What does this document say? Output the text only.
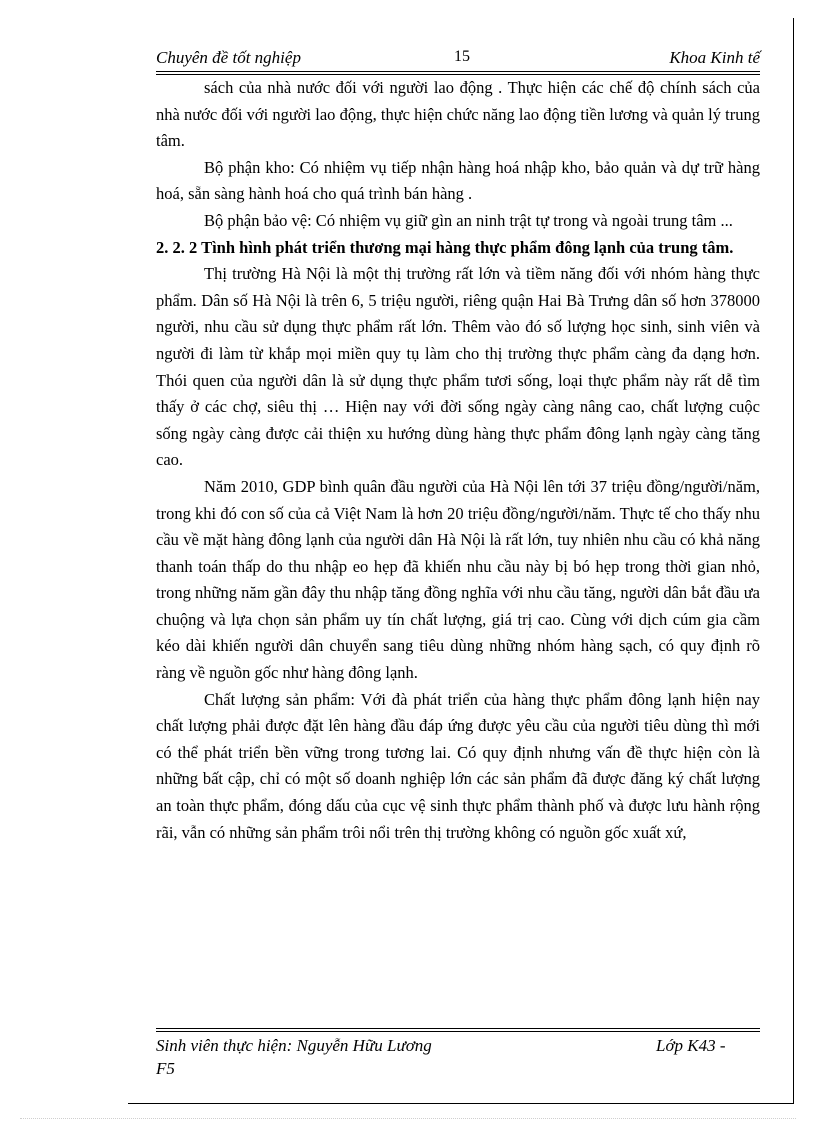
Chuyên đề tốt nghiệp	15	Khoa Kinh tế

sách của nhà nước đối với người lao động . Thực hiện các chế độ chính sách của nhà nước đối với người lao động, thực hiện chức năng lao động tiền lương và quản lý trung tâm.

Bộ phận kho: Có nhiệm vụ tiếp nhận hàng hoá nhập kho, bảo quản và dự trữ hàng hoá, sẵn sàng hành hoá cho quá trình bán hàng .

Bộ phận bảo vệ: Có nhiệm vụ giữ gìn an ninh trật tự trong và ngoài trung tâm ...

2. 2. 2 Tình hình phát triển thương mại hàng thực phẩm đông lạnh của trung tâm.

Thị trường Hà Nội là một thị trường rất lớn và tiềm năng đối với nhóm hàng thực phẩm. Dân số Hà Nội là trên 6, 5 triệu người, riêng quận Hai Bà Trưng dân số hơn 378000 người, nhu cầu sử dụng thực phẩm rất lớn. Thêm vào đó số lượng học sinh, sinh viên và người đi làm từ khắp mọi miền quy tụ làm cho thị trường thực phẩm càng đa dạng hơn. Thói quen của người dân là sử dụng thực phẩm tươi sống, loại thực phẩm này rất dễ tìm thấy ở các chợ, siêu thị … Hiện nay với đời sống ngày càng nâng cao, chất lượng cuộc sống ngày càng được cải thiện xu hướng dùng hàng thực phẩm đông lạnh ngày càng tăng cao.

Năm 2010, GDP bình quân đầu người của Hà Nội lên tới 37 triệu đồng/người/năm, trong khi đó con số của cả Việt Nam là hơn 20 triệu đồng/người/năm. Thực tế cho thấy nhu cầu về mặt hàng đông lạnh của người dân Hà Nội là rất lớn, tuy nhiên nhu cầu có khả năng thanh toán thấp do thu nhập eo hẹp đã khiến nhu cầu này bị bó hẹp trong thời gian nhỏ, trong những năm gần đây thu nhập tăng đồng nghĩa với nhu cầu tăng, người dân bắt đầu ưa chuộng và lựa chọn sản phẩm uy tín chất lượng, giá trị cao. Cùng với dịch cúm gia cầm kéo dài khiến người dân chuyển sang tiêu dùng những nhóm hàng sạch, có quy định rõ ràng về nguồn gốc như hàng đông lạnh.

Chất lượng sản phẩm: Với đà phát triển của hàng thực phẩm đông lạnh hiện nay chất lượng phải được đặt lên hàng đầu đáp ứng được yêu cầu của người tiêu dùng thì mới có thể phát triển bền vững trong tương lai. Có quy định nhưng vấn đề thực hiện còn là những bất cập, chỉ có một số doanh nghiệp lớn các sản phẩm đã được đăng ký chất lượng an toàn thực phẩm, đóng dấu của cục vệ sinh thực phẩm thành phố và được lưu hành rộng rãi, vẫn có những sản phẩm trôi nổi trên thị trường không có nguồn gốc xuất xứ,

Sinh viên thực hiện: Nguyễn Hữu Lương	Lớp K43 -
F5
